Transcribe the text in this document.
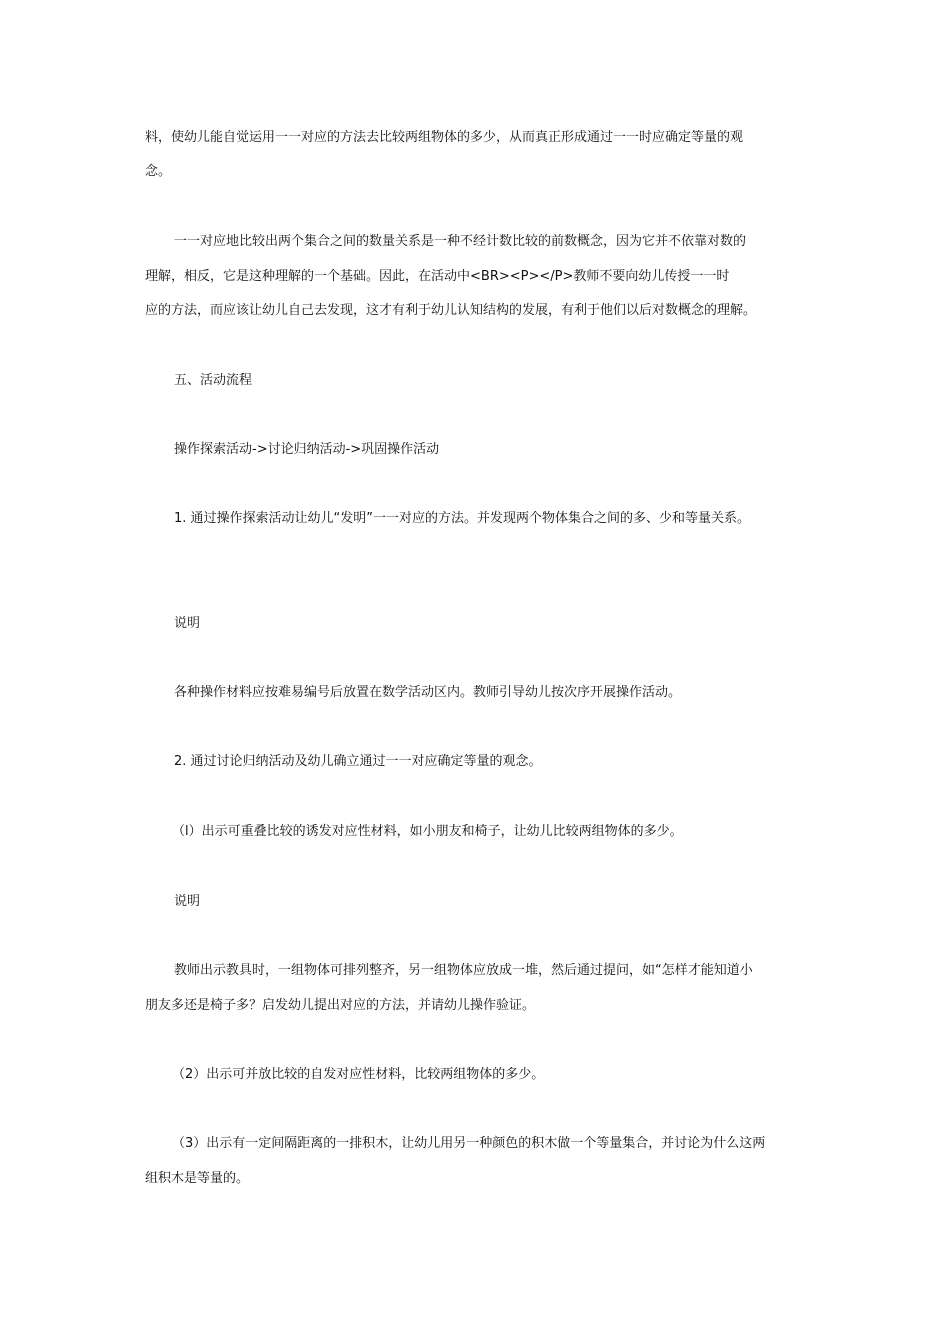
料，使幼儿能自觉运用一一对应的方法去比较两组物体的多少，从而真正形成通过一一时应确定等量的观
念。
一一对应地比较出两个集合之间的数量关系是一种不经计数比较的前数概念，因为它并不依靠对数的
理解，相反，它是这种理解的一个基础。因此，在活动中<BR><P></P>教师不要向幼儿传授一一时
应的方法，而应该让幼儿自己去发现，这才有利于幼儿认知结构的发展，有利于他们以后对数概念的理解。
五、活动流程
操作探索活动->讨论归纳活动->巩固操作活动
1. 通过操作探索活动让幼儿“发明”一一对应的方法。并发现两个物体集合之间的多、少和等量关系。
说明
各种操作材料应按难易编号后放置在数学活动区内。教师引导幼儿按次序开展操作活动。
2. 通过讨论归纳活动及幼儿确立通过一一对应确定等量的观念。
（l）出示可重叠比较的诱发对应性材料，如小朋友和椅子，让幼儿比较两组物体的多少。
说明
教师出示教具时，一组物体可排列整齐，另一组物体应放成一堆，然后通过提问，如“怎样才能知道小
朋友多还是椅子多？启发幼儿提出对应的方法，并请幼儿操作验证。
（2）出示可并放比较的自发对应性材料，比较两组物体的多少。
（3）出示有一定间隔距离的一排积木，让幼儿用另一种颜色的积木做一个等量集合，并讨论为什么这两
组积木是等量的。
